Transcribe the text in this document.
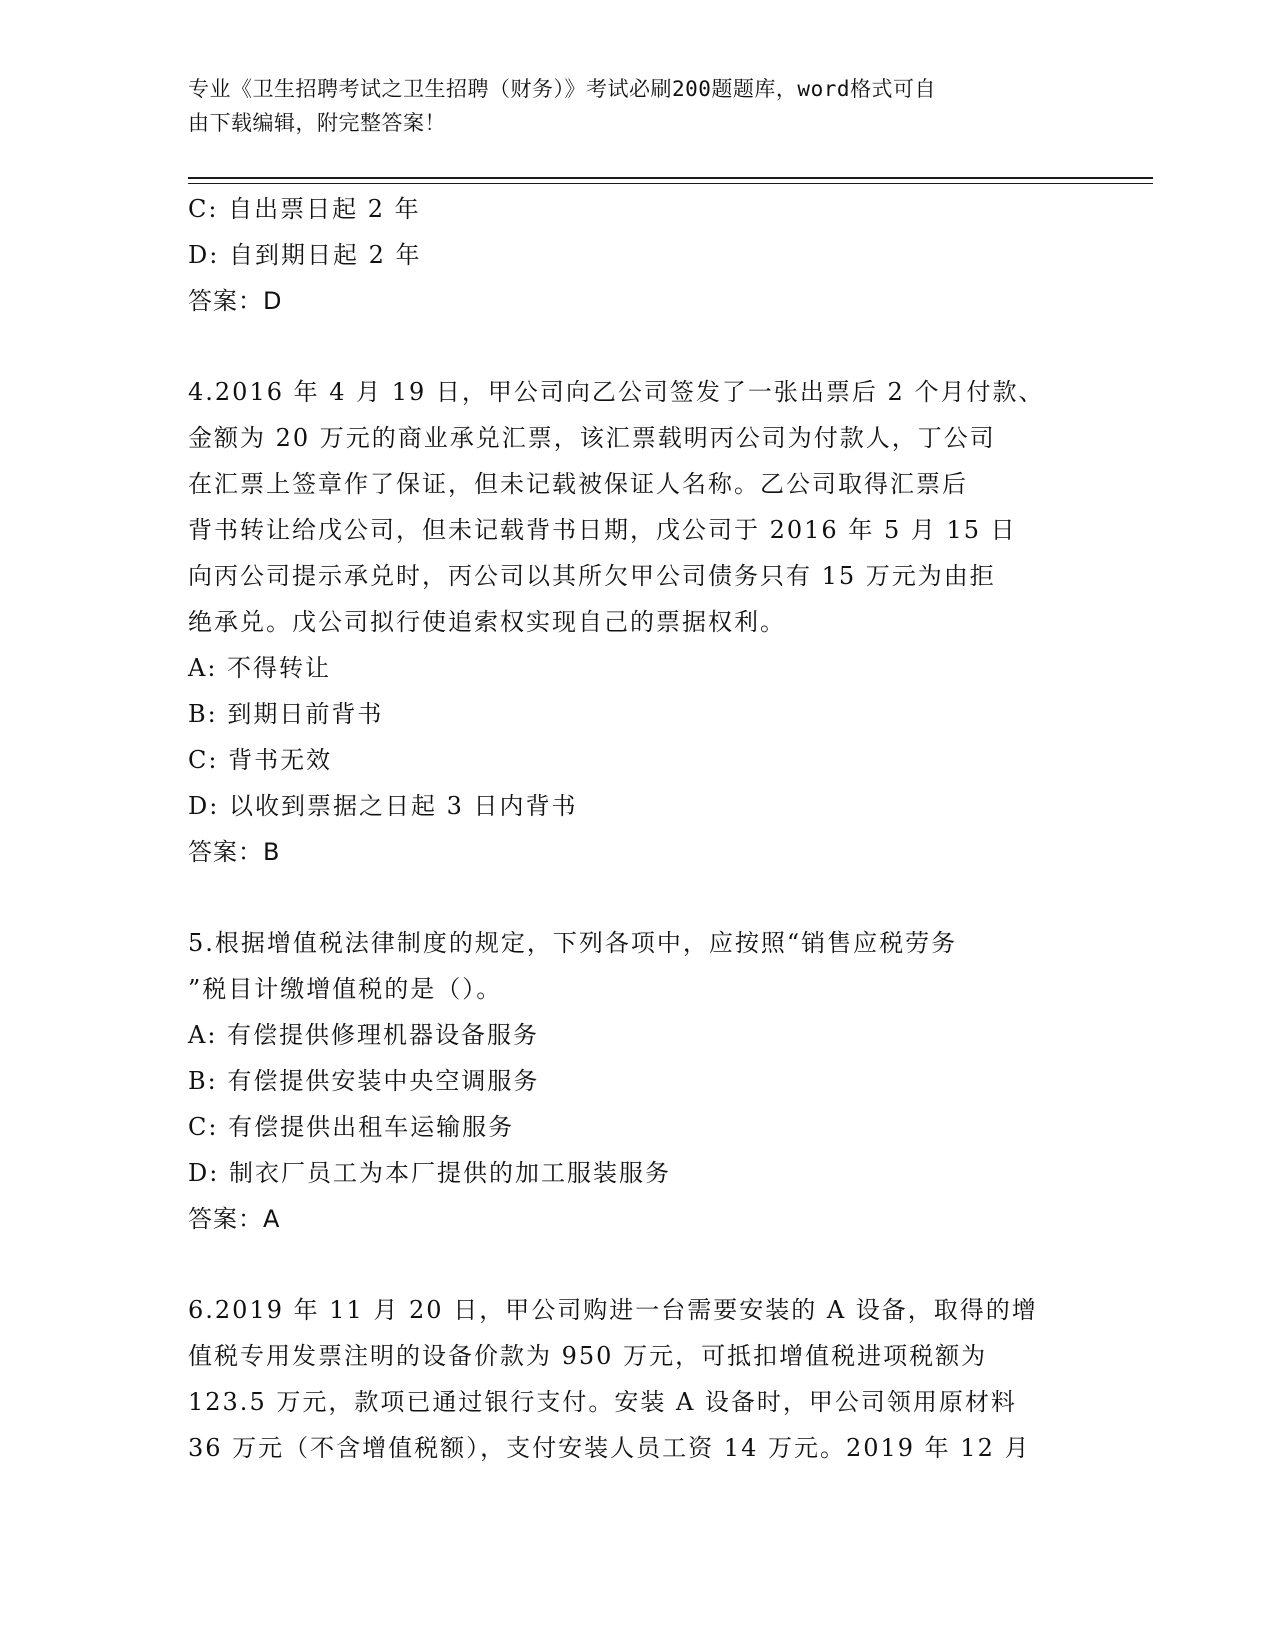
专业《卫生招聘考试之卫生招聘（财务）》考试必刷200题题库，word格式可自
由下载编辑，附完整答案！
C: 自出票日起 2 年
D: 自到期日起 2 年
答案：D
4.2016 年 4 月 19 日，甲公司向乙公司签发了一张出票后 2 个月付款、
金额为 20 万元的商业承兑汇票，该汇票载明丙公司为付款人，丁公司
在汇票上签章作了保证，但未记载被保证人名称。乙公司取得汇票后
背书转让给戊公司，但未记载背书日期，戊公司于 2016 年 5 月 15 日
向丙公司提示承兑时，丙公司以其所欠甲公司债务只有 15 万元为由拒
绝承兑。戊公司拟行使追索权实现自己的票据权利。
A: 不得转让
B: 到期日前背书
C: 背书无效
D: 以收到票据之日起 3 日内背书
答案：B
5.根据增值税法律制度的规定，下列各项中，应按照“销售应税劳务
”税目计缴增值税的是（）。
A: 有偿提供修理机器设备服务
B: 有偿提供安装中央空调服务
C: 有偿提供出租车运输服务
D: 制衣厂员工为本厂提供的加工服装服务
答案：A
6.2019 年 11 月 20 日，甲公司购进一台需要安装的 A 设备，取得的增
值税专用发票注明的设备价款为 950 万元，可抵扣增值税进项税额为
123.5 万元，款项已通过银行支付。安装 A 设备时，甲公司领用原材料
36 万元（不含增值税额），支付安装人员工资 14 万元。2019 年 12 月
